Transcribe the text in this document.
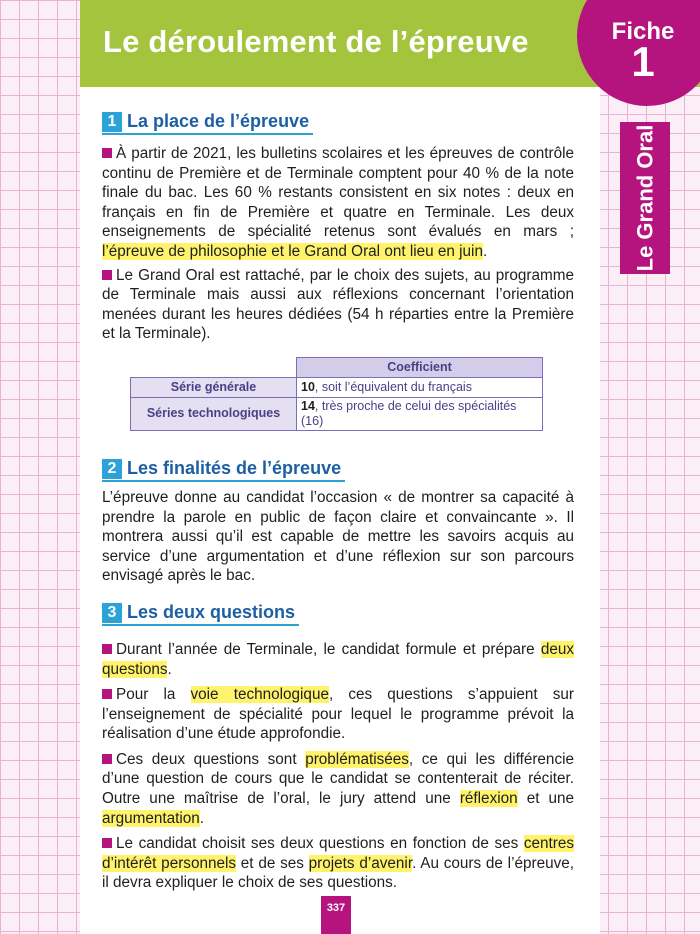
Le déroulement de l’épreuve	Fiche
1
Le Grand Oral
1 La place de l’épreuve

À partir de 2021, les bulletins scolaires et les épreuves de contrôle continu de Première et de Terminale comptent pour 40 % de la note finale du bac. Les 60 % restants consistent en six notes : deux en français en fin de Première et quatre en Terminale. Les deux enseignements de spécialité retenus sont évalués en mars ; l’épreuve de philosophie et le Grand Oral ont lieu en juin.

Le Grand Oral est rattaché, par le choix des sujets, au programme de Terminale mais aussi aux réflexions concernant l’orientation menées durant les heures dédiées (54 h réparties entre la Première et la Terminale).

	Coefficient
Série générale	10, soit l’équivalent du français
Séries technologiques	14, très proche de celui des spécialités (16)
2 Les finalités de l’épreuve

L’épreuve donne au candidat l’occasion « de montrer sa capacité à prendre la parole en public de façon claire et convaincante ». Il montrera aussi qu’il est capable de mettre les savoirs acquis au service d’une argumentation et d’une réflexion sur son parcours envisagé après le bac.

3 Les deux questions

Durant l’année de Terminale, le candidat formule et prépare deux questions.

Pour la voie technologique, ces questions s’appuient sur l’enseignement de spécialité pour lequel le programme prévoit la réalisation d’une étude approfondie.

Ces deux questions sont problématisées, ce qui les différencie d’une question de cours que le candidat se contenterait de réciter. Outre une maîtrise de l’oral, le jury attend une réflexion et une argumentation.

Le candidat choisit ses deux questions en fonction de ses centres d’intérêt personnels et de ses projets d’avenir. Au cours de l’épreuve, il devra expliquer le choix de ses questions.

337
